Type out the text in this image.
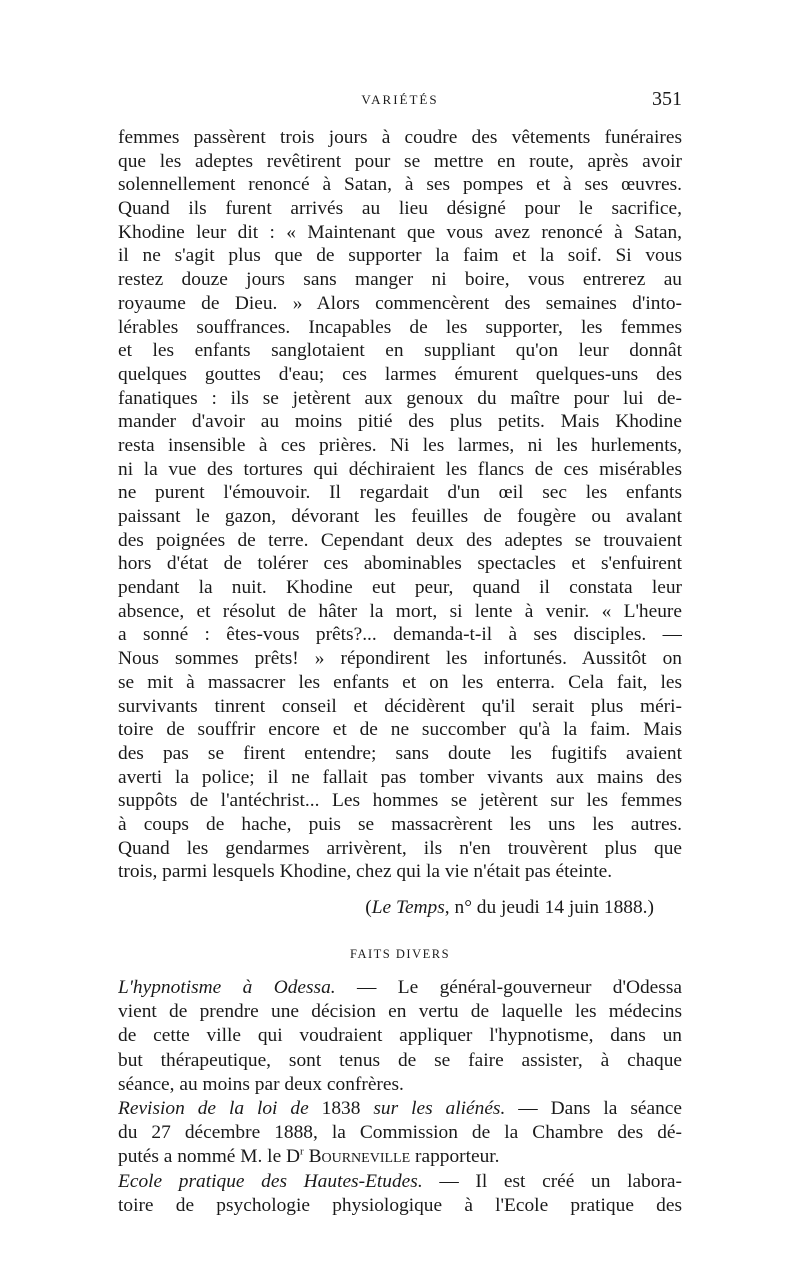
VARIÉTÉS	351
femmes passèrent trois jours à coudre des vêtements funéraires
que les adeptes revêtirent pour se mettre en route, après avoir
solennellement renoncé à Satan, à ses pompes et à ses œuvres.
Quand ils furent arrivés au lieu désigné pour le sacrifice,
Khodine leur dit : « Maintenant que vous avez renoncé à Satan,
il ne s'agit plus que de supporter la faim et la soif. Si vous
restez douze jours sans manger ni boire, vous entrerez au
royaume de Dieu. » Alors commencèrent des semaines d'into-
lérables souffrances. Incapables de les supporter, les femmes
et les enfants sanglotaient en suppliant qu'on leur donnât
quelques gouttes d'eau; ces larmes émurent quelques-uns des
fanatiques : ils se jetèrent aux genoux du maître pour lui de-
mander d'avoir au moins pitié des plus petits. Mais Khodine
resta insensible à ces prières. Ni les larmes, ni les hurlements,
ni la vue des tortures qui déchiraient les flancs de ces misérables
ne purent l'émouvoir. Il regardait d'un œil sec les enfants
paissant le gazon, dévorant les feuilles de fougère ou avalant
des poignées de terre. Cependant deux des adeptes se trouvaient
hors d'état de tolérer ces abominables spectacles et s'enfuirent
pendant la nuit. Khodine eut peur, quand il constata leur
absence, et résolut de hâter la mort, si lente à venir. « L'heure
a sonné : êtes-vous prêts?... demanda-t-il à ses disciples. —
Nous sommes prêts! » répondirent les infortunés. Aussitôt on
se mit à massacrer les enfants et on les enterra. Cela fait, les
survivants tinrent conseil et décidèrent qu'il serait plus méri-
toire de souffrir encore et de ne succomber qu'à la faim. Mais
des pas se firent entendre; sans doute les fugitifs avaient
averti la police; il ne fallait pas tomber vivants aux mains des
suppôts de l'antéchrist... Les hommes se jetèrent sur les femmes
à coups de hache, puis se massacrèrent les uns les autres.
Quand les gendarmes arrivèrent, ils n'en trouvèrent plus que
trois, parmi lesquels Khodine, chez qui la vie n'était pas éteinte.
(Le Temps, n° du jeudi 14 juin 1888.)
FAITS DIVERS
L'hypnotisme à Odessa. — Le général-gouverneur d'Odessa
vient de prendre une décision en vertu de laquelle les médecins
de cette ville qui voudraient appliquer l'hypnotisme, dans un
but thérapeutique, sont tenus de se faire assister, à chaque
séance, au moins par deux confrères.
Revision de la loi de 1838 sur les aliénés. — Dans la séance
du 27 décembre 1888, la Commission de la Chambre des dé-
putés a nommé M. le $D^r$ Bourneville rapporteur.
Ecole pratique des Hautes-Etudes. — Il est créé un labora-
toire de psychologie physiologique à l'Ecole pratique des
